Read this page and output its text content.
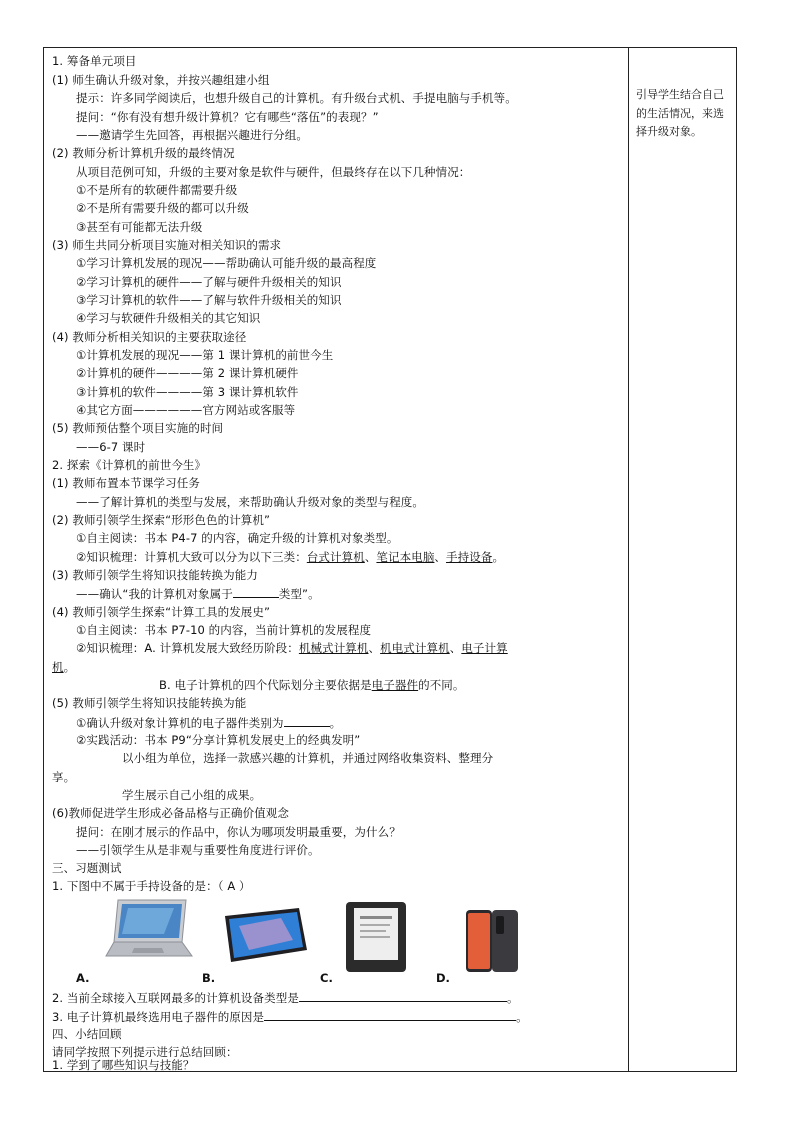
1. 筹备单元项目
(1) 师生确认升级对象，并按兴趣组建小组
提示：许多同学阅读后，也想升级自己的计算机。有升级台式机、手提电脑与手机等。
提问：“你有没有想升级计算机？它有哪些“落伍”的表现？”
——邀请学生先回答，再根据兴趣进行分组。
(2) 教师分析计算机升级的最终情况
从项目范例可知，升级的主要对象是软件与硬件，但最终存在以下几种情况：
①不是所有的软硬件都需要升级
②不是所有需要升级的都可以升级
③甚至有可能都无法升级
(3) 师生共同分析项目实施对相关知识的需求
①学习计算机发展的现况——帮助确认可能升级的最高程度
②学习计算机的硬件——了解与硬件升级相关的知识
③学习计算机的软件——了解与软件升级相关的知识
④学习与软硬件升级相关的其它知识
(4) 教师分析相关知识的主要获取途径
①计算机发展的现况——第 1 课计算机的前世今生
②计算机的硬件————第 2 课计算机硬件
③计算机的软件————第 3 课计算机软件
④其它方面——————官方网站或客服等
(5) 教师预估整个项目实施的时间
——6-7 课时
2. 探索《计算机的前世今生》
(1) 教师布置本节课学习任务
——了解计算机的类型与发展，来帮助确认升级对象的类型与程度。
(2) 教师引领学生探索“形形色色的计算机”
①自主阅读：书本 P4-7 的内容，确定升级的计算机对象类型。
②知识梳理：计算机大致可以分为以下三类：台式计算机、笔记本电脑、手持设备。
(3) 教师引领学生将知识技能转换为能力
——确认“我的计算机对象属于	类型”。
(4) 教师引领学生探索“计算工具的发展史”
①自主阅读：书本 P7-10 的内容，当前计算机的发展程度
②知识梳理：A. 计算机发展大致经历阶段：机械式计算机、机电式计算机、电子计算
机。
B. 电子计算机的四个代际划分主要依据是电子器件的不同。
(5) 教师引领学生将知识技能转换为能
①确认升级对象计算机的电子器件类别为	。
②实践活动：书本 P9“分享计算机发展史上的经典发明”
以小组为单位，选择一款感兴趣的计算机，并通过网络收集资料、整理分
享。
学生展示自己小组的成果。
(6)教师促进学生形成必备品格与正确价值观念
提问：在刚才展示的作品中，你认为哪项发明最重要，为什么？
——引领学生从是非观与重要性角度进行评价。
三、习题测试
1. 下图中不属于手持设备的是：（ A ）
A.	B.	C.	D.
2. 当前全球接入互联网最多的计算机设备类型是	。
3. 电子计算机最终选用电子器件的原因是	。
四、小结回顾
请同学按照下列提示进行总结回顾：
1. 学到了哪些知识与技能？
引导学生结合自己的生活情况，来选择升级对象。
